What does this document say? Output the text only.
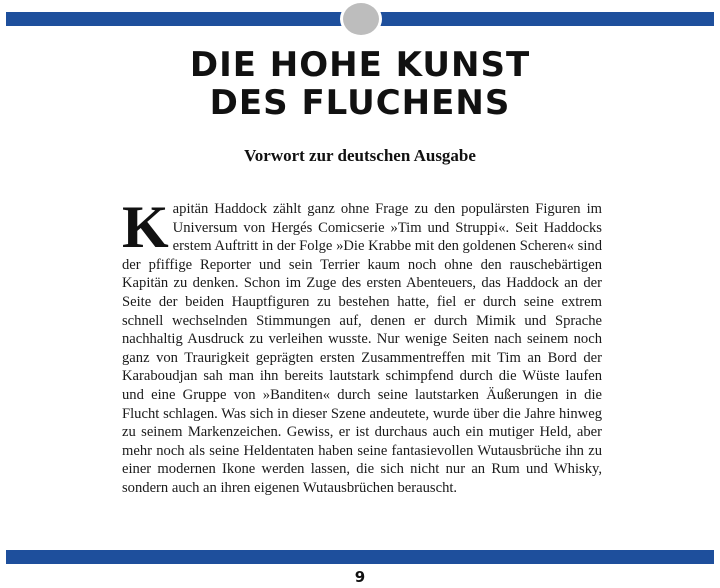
DIE HOHE KUNST
DES FLUCHENS
Vorwort zur deutschen Ausgabe

Kapitän Haddock zählt ganz ohne Frage zu den populärsten Figuren im Universum von Hergés Comicserie »Tim und Struppi«. Seit Haddocks erstem Auftritt in der Folge »Die Krabbe mit den goldenen Scheren« sind der pfiffige Reporter und sein Terrier kaum noch ohne den rauschebärtigen Kapitän zu denken. Schon im Zuge des ersten Abenteuers, das Haddock an der Seite der beiden Hauptfiguren zu bestehen hatte, fiel er durch seine extrem schnell wechselnden Stimmungen auf, denen er durch Mimik und Sprache nachhaltig Ausdruck zu verleihen wusste. Nur wenige Seiten nach seinem noch ganz von Traurigkeit geprägten ersten Zusammentreffen mit Tim an Bord der Karaboudjan sah man ihn bereits lautstark schimpfend durch die Wüste laufen und eine Gruppe von »Banditen« durch seine lautstarken Äußerungen in die Flucht schlagen. Was sich in dieser Szene andeutete, wurde über die Jahre hinweg zu seinem Markenzeichen. Gewiss, er ist durchaus auch ein mutiger Held, aber mehr noch als seine Heldentaten haben seine fantasievollen Wutausbrüche ihn zu einer modernen Ikone werden lassen, die sich nicht nur an Rum und Whisky, sondern auch an ihren eigenen Wutausbrüchen berauscht.

9
